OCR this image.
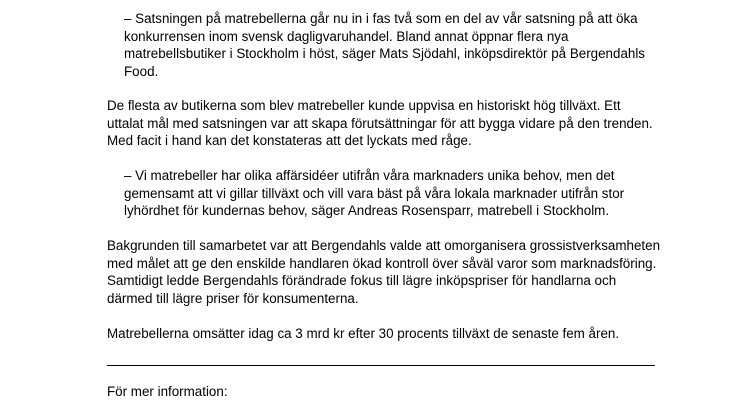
– Satsningen på matrebellerna går nu in i fas två som en del av vår satsning på att öka
konkurrensen inom svensk dagligvaruhandel. Bland annat öppnar flera nya
matrebellsbutiker i Stockholm i höst, säger Mats Sjödahl, inköpsdirektör på Bergendahls
Food.
De flesta av butikerna som blev matrebeller kunde uppvisa en historiskt hög tillväxt. Ett
uttalat mål med satsningen var att skapa förutsättningar för att bygga vidare på den trenden.
Med facit i hand kan det konstateras att det lyckats med råge.
– Vi matrebeller har olika affärsidéer utifrån våra marknaders unika behov, men det
gemensamt att vi gillar tillväxt och vill vara bäst på våra lokala marknader utifrån stor
lyhördhet för kundernas behov, säger Andreas Rosensparr, matrebell i Stockholm.
Bakgrunden till samarbetet var att Bergendahls valde att omorganisera grossistverksamheten
med målet att ge den enskilde handlaren ökad kontroll över såväl varor som marknadsföring.
Samtidigt ledde Bergendahls förändrade fokus till lägre inköpspriser för handlarna och
därmed till lägre priser för konsumenterna.
Matrebellerna omsätter idag ca 3 mrd kr efter 30 procents tillväxt de senaste fem åren.
För mer information:
